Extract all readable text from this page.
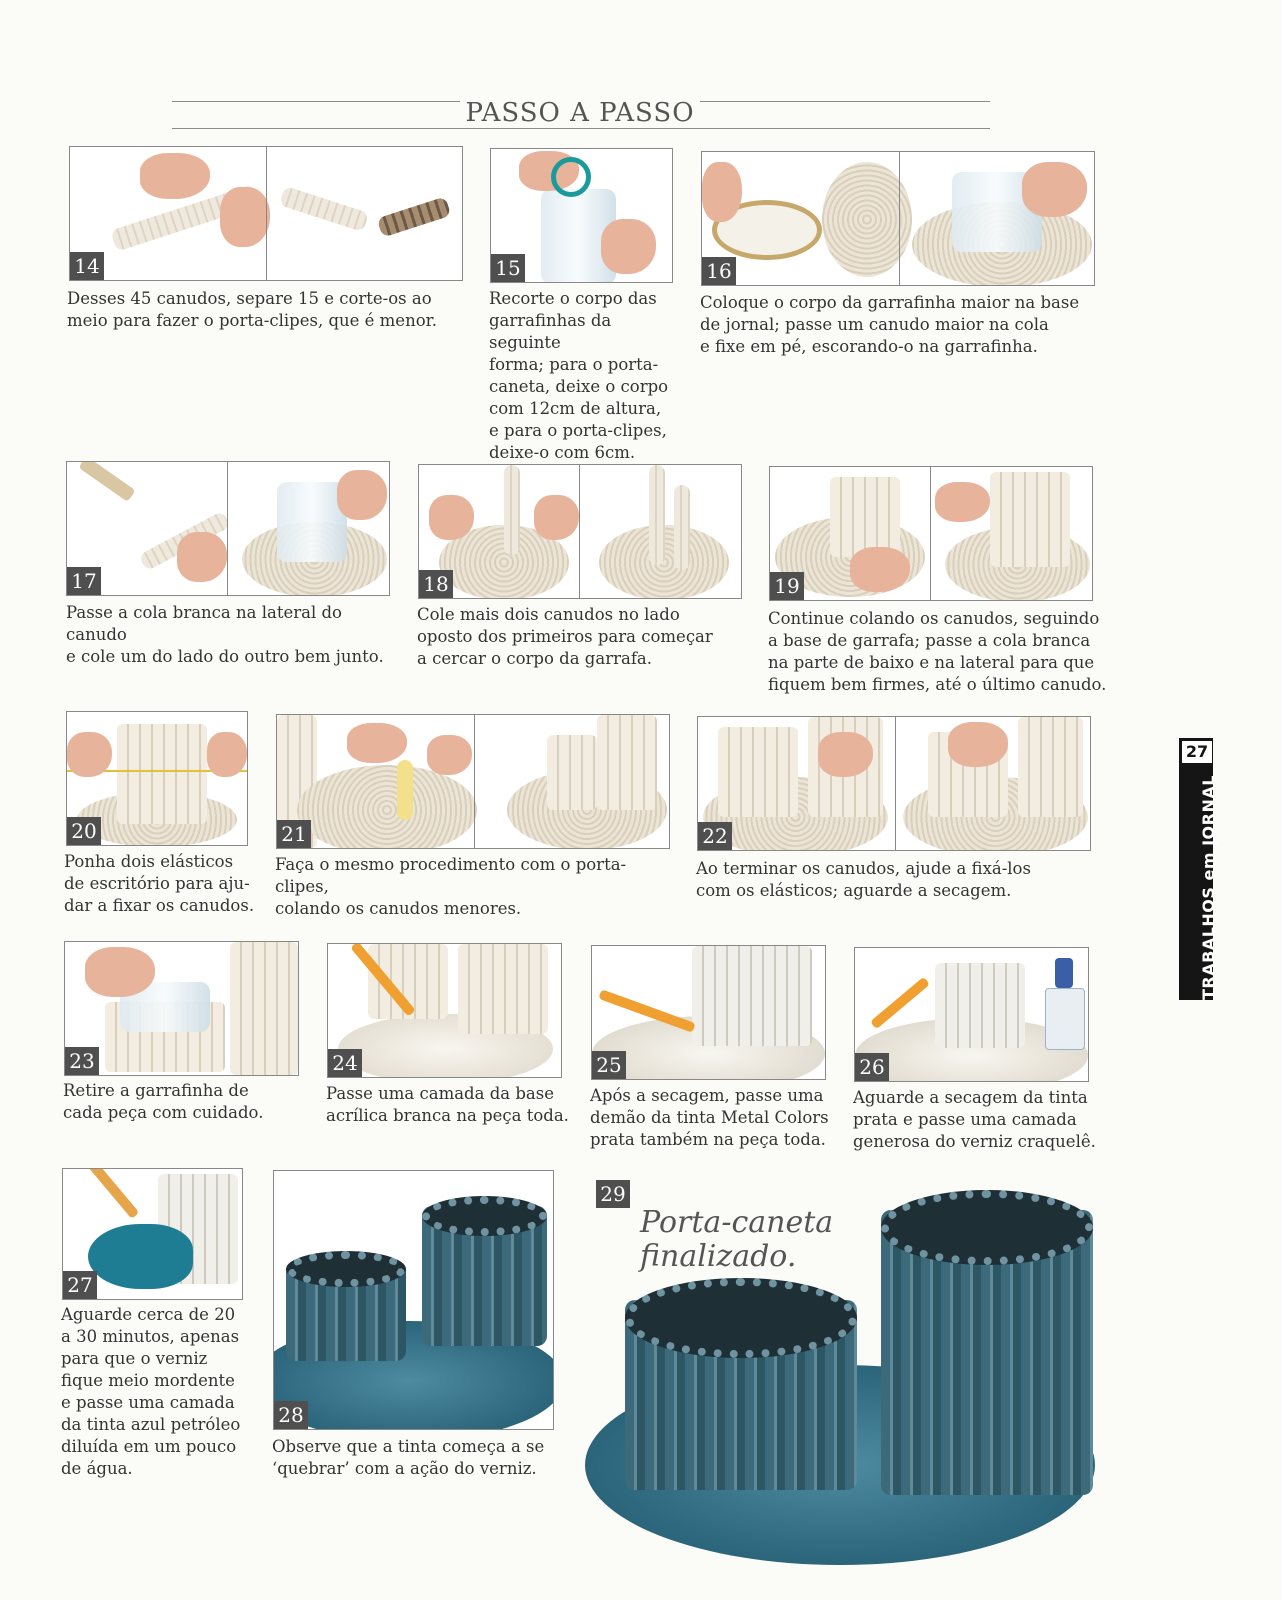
PASSO A PASSO
14
Desses 45 canudos, separe 15 e corte-os ao
meio para fazer o porta-clipes, que é menor.
15
Recorte o corpo das
garrafinhas da seguinte
forma; para o porta-
caneta, deixe o corpo
com 12cm de altura,
e para o porta-clipes,
deixe-o com 6cm.
16
Coloque o corpo da garrafinha maior na base
de jornal; passe um canudo maior na cola
e fixe em pé, escorando-o na garrafinha.
17
Passe a cola branca na lateral do canudo
e cole um do lado do outro bem junto.
18
Cole mais dois canudos no lado
oposto dos primeiros para começar
a cercar o corpo da garrafa.
19
Continue colando os canudos, seguindo
a base de garrafa; passe a cola branca
na parte de baixo e na lateral para que
fiquem bem firmes, até o último canudo.
20
Ponha dois elásticos
de escritório para aju-
dar a fixar os canudos.
21
Faça o mesmo procedimento com o porta-clipes,
colando os canudos menores.
22
Ao terminar os canudos, ajude a fixá-los
com os elásticos; aguarde a secagem.
23
Retire a garrafinha de
cada peça com cuidado.
24
Passe uma camada da base
acrílica branca na peça toda.
25
Após a secagem, passe uma
demão da tinta Metal Colors
prata também na peça toda.
26
Aguarde a secagem da tinta
prata e passe uma camada
generosa do verniz craquelê.
27
Aguarde cerca de 20
a 30 minutos, apenas
para que o verniz
fique meio mordente
e passe uma camada
da tinta azul petróleo
diluída em um pouco
de água.
28
Observe que a tinta começa a se
‘quebrar’ com a ação do verniz.
29
Porta-caneta
finalizado.
TRABALHOS em JORNAL
27
